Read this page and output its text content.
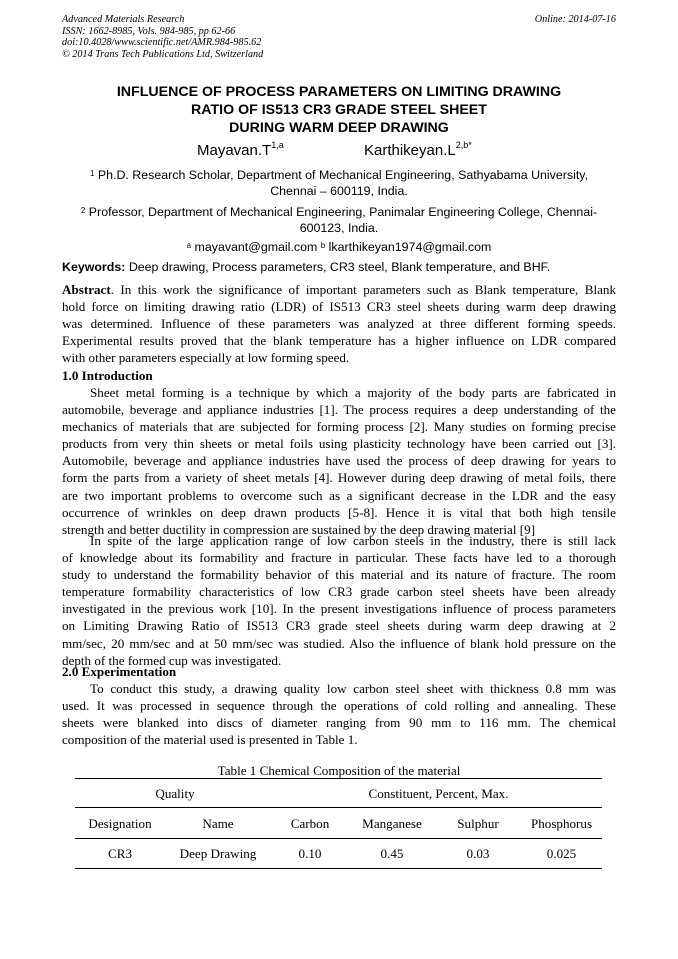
Advanced Materials Research
ISSN: 1662-8985, Vols. 984-985, pp 62-66
doi:10.4028/www.scientific.net/AMR.984-985.62
© 2014 Trans Tech Publications Ltd, Switzerland
Online: 2014-07-16
INFLUENCE OF PROCESS PARAMETERS ON LIMITING DRAWING
RATIO OF IS513 CR3 GRADE STEEL SHEET
DURING WARM DEEP DRAWING
$Mayavan.T^{1,a}$	$Karthikeyan.L^{2,b*}$
$^1$ Ph.D. Research Scholar, Department of Mechanical Engineering, Sathyabama University,
Chennai – 600119, India.
$^2$ Professor, Department of Mechanical Engineering, Panimalar Engineering College, Chennai-
600123, India.
$^a$ mayavant@gmail.com $^b$ lkarthikeyan1974@gmail.com
Keywords: Deep drawing, Process parameters, CR3 steel, Blank temperature, and BHF.
Abstract. In this work the significance of important parameters such as Blank temperature, Blank
hold force on limiting drawing ratio (LDR) of IS513 CR3 steel sheets during warm deep drawing
was determined. Influence of these parameters was analyzed at three different forming speeds.
Experimental results proved that the blank temperature has a higher influence on LDR compared
with other parameters especially at low forming speed.
1.0 Introduction
Sheet metal forming is a technique by which a majority of the body parts are fabricated in
automobile, beverage and appliance industries [1]. The process requires a deep understanding of the
mechanics of materials that are subjected for forming process [2]. Many studies on forming precise
products from very thin sheets or metal foils using plasticity technology have been carried out [3].
Automobile, beverage and appliance industries have used the process of deep drawing for years to
form the parts from a variety of sheet metals [4]. However during deep drawing of metal foils, there
are two important problems to overcome such as a significant decrease in the LDR and the easy
occurrence of wrinkles on deep drawn products [5-8]. Hence it is vital that both high tensile
strength and better ductility in compression are sustained by the deep drawing material [9]
In spite of the large application range of low carbon steels in the industry, there is still lack
of knowledge about its formability and fracture in particular. These facts have led to a thorough
study to understand the formability behavior of this material and its nature of fracture. The room
temperature formability characteristics of low CR3 grade carbon steel sheets have been already
investigated in the previous work [10]. In the present investigations influence of process parameters
on Limiting Drawing Ratio of IS513 CR3 grade steel sheets during warm deep drawing at 2
mm/sec, 20 mm/sec and at 50 mm/sec was studied. Also the influence of blank hold pressure on the
depth of the formed cup was investigated.
2.0 Experimentation
To conduct this study, a drawing quality low carbon steel sheet with thickness 0.8 mm was
used. It was processed in sequence through the operations of cold rolling and annealing. These
sheets were blanked into discs of diameter ranging from 90 mm to 116 mm. The chemical
composition of the material used is presented in Table 1.
Table 1 Chemical Composition of the material
Quality	Constituent, Percent, Max.
Designation	Name	Carbon	Manganese	Sulphur	Phosphorus
CR3	Deep Drawing	0.10	0.45	0.03	0.025
